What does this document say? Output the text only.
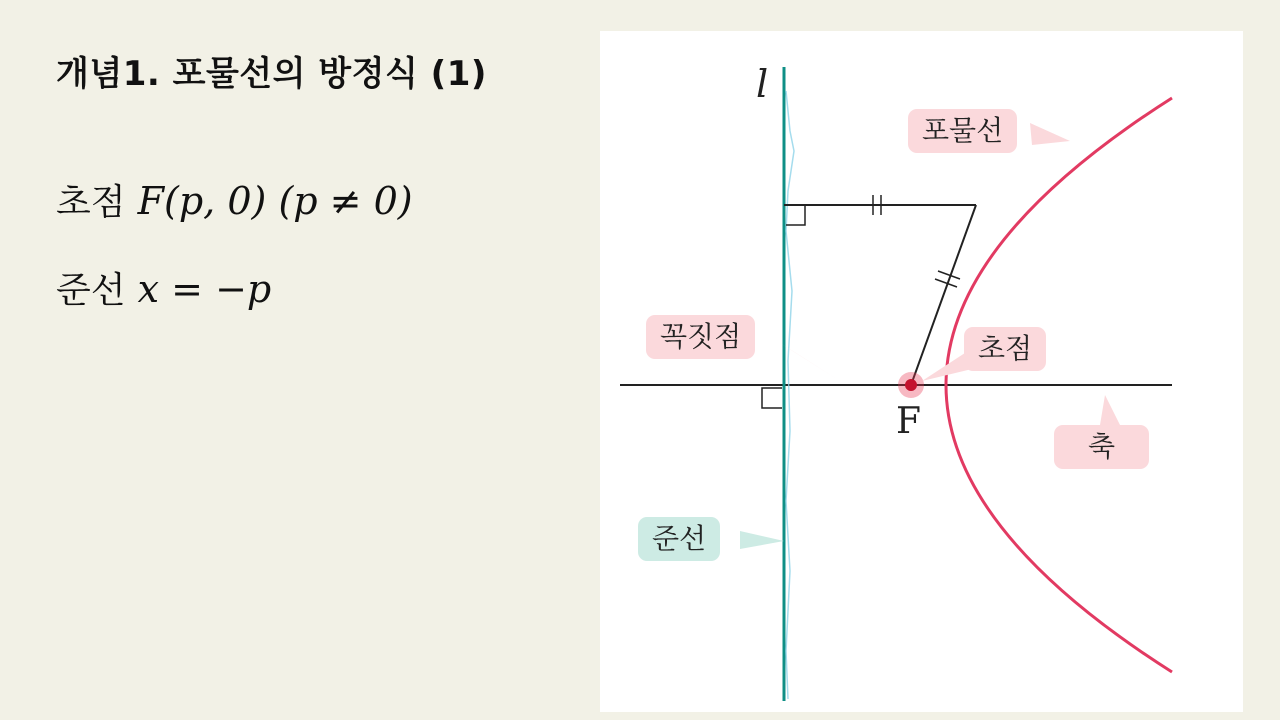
개념1. 포물선의 방정식 (1)
초점 F(p, 0) (p ≠ 0)
준선 x = −p
l
F
포물선
꼭짓점	초점
축
준선
